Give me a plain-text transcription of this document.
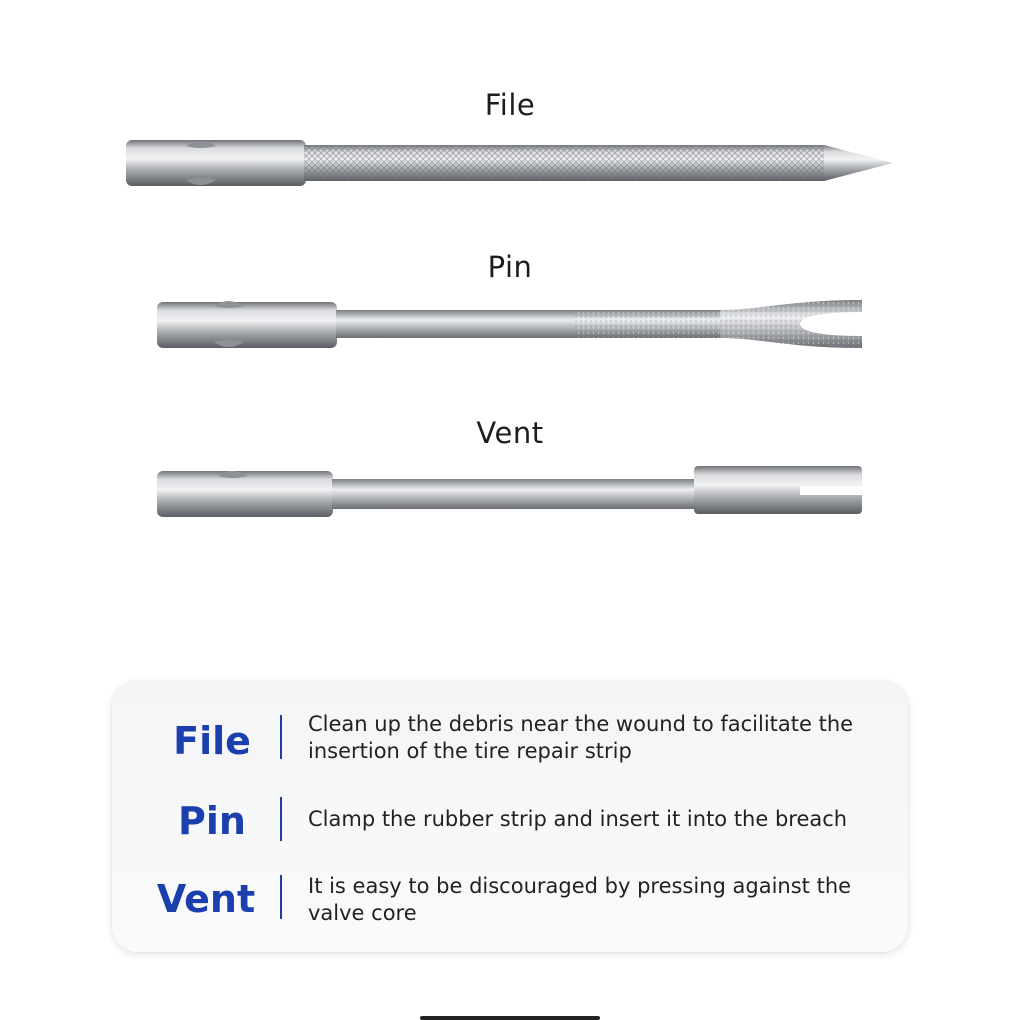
File
Pin
Vent
File	Clean up the debris near the wound to facilitate the insertion of the tire repair strip
Pin	Clamp the rubber strip and insert it into the breach
Vent	It is easy to be discouraged by pressing against the valve core
